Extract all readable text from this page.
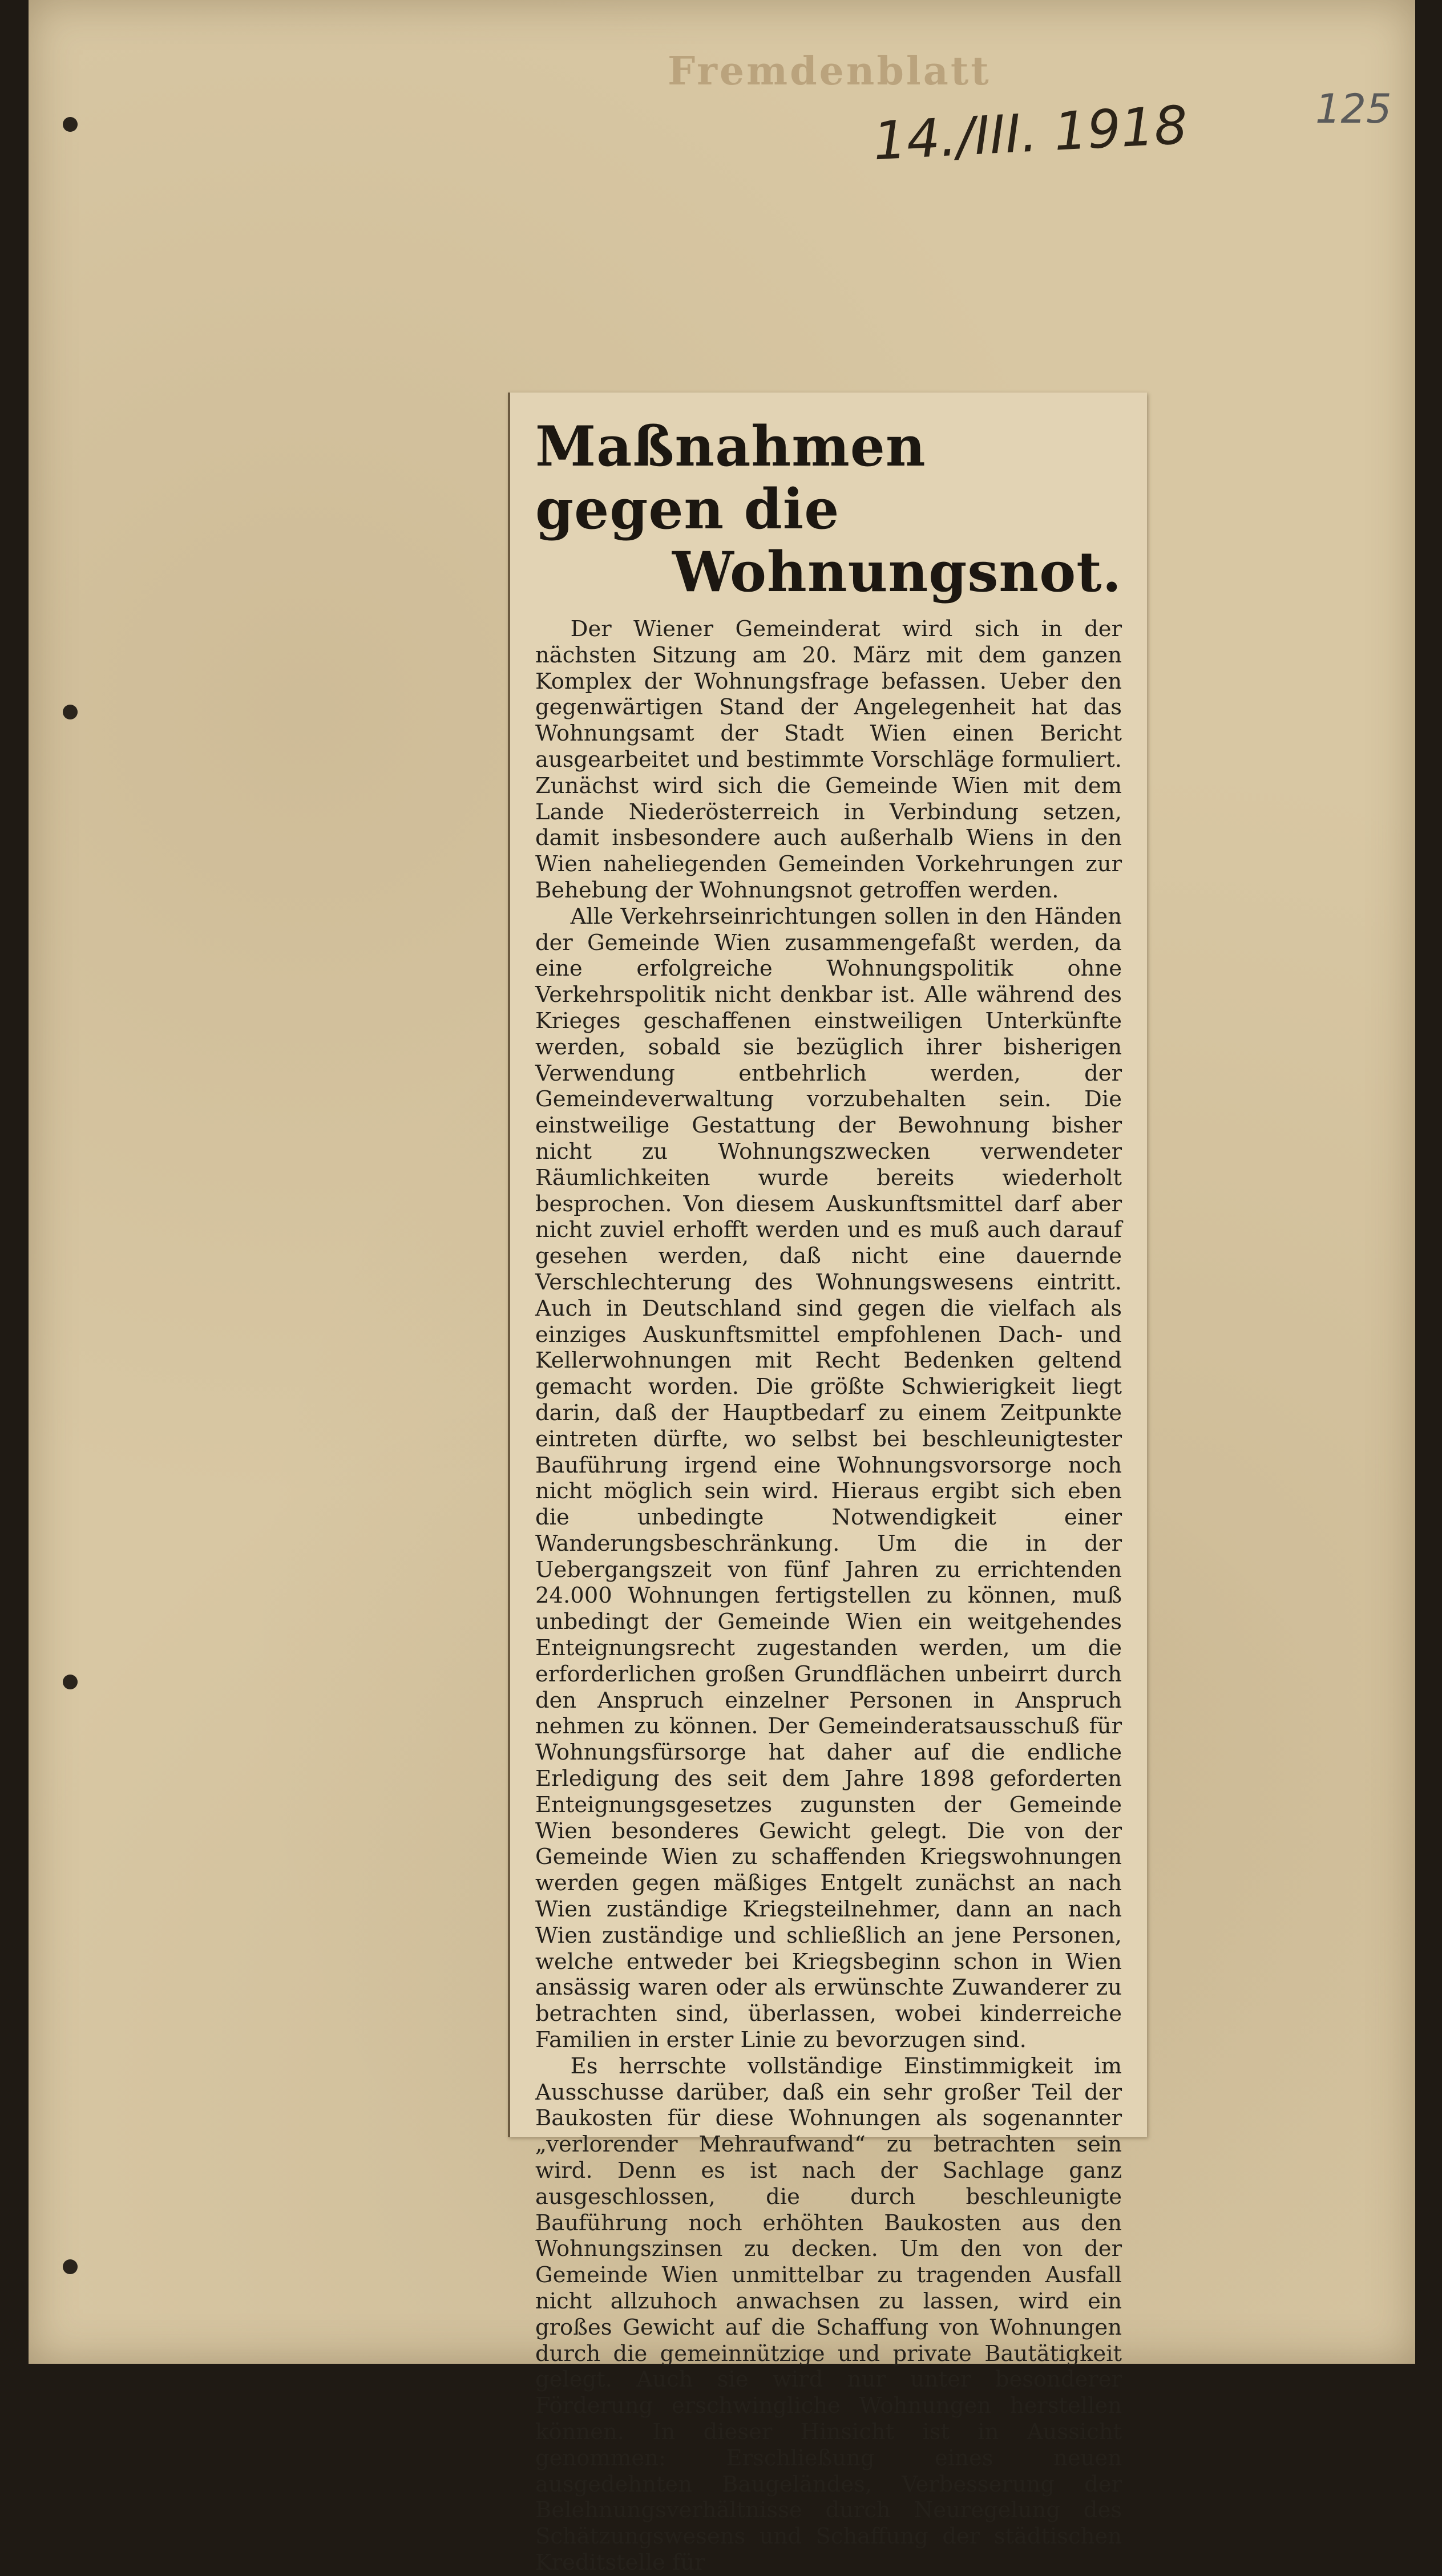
Fremdenblatt
14./III. 1918	125
Maßnahmen gegen die
Wohnungsnot.

Der Wiener Gemeinderat wird sich in der nächsten Sitzung am 20. März mit dem ganzen Komplex der Wohnungsfrage befassen. Ueber den gegenwärtigen Stand der Angelegenheit hat das Wohnungsamt der Stadt Wien einen Bericht ausgearbeitet und bestimmte Vorschläge formuliert. Zunächst wird sich die Gemeinde Wien mit dem Lande Niederösterreich in Verbindung setzen, damit insbesondere auch außerhalb Wiens in den Wien naheliegenden Gemeinden Vorkehrungen zur Behebung der Wohnungsnot getroffen werden.

Alle Verkehrseinrichtungen sollen in den Händen der Gemeinde Wien zusammengefaßt werden, da eine erfolgreiche Wohnungspolitik ohne Verkehrspolitik nicht denkbar ist. Alle während des Krieges geschaffenen einstweiligen Unterkünfte werden, sobald sie bezüglich ihrer bisherigen Verwendung entbehrlich werden, der Gemeindeverwaltung vorzubehalten sein. Die einstweilige Gestattung der Bewohnung bisher nicht zu Wohnungszwecken verwendeter Räumlichkeiten wurde bereits wiederholt besprochen. Von diesem Auskunftsmittel darf aber nicht zuviel erhofft werden und es muß auch darauf gesehen werden, daß nicht eine dauernde Verschlechterung des Wohnungswesens eintritt. Auch in Deutschland sind gegen die vielfach als einziges Auskunftsmittel empfohlenen Dach- und Kellerwohnungen mit Recht Bedenken geltend gemacht worden. Die größte Schwierigkeit liegt darin, daß der Hauptbedarf zu einem Zeitpunkte eintreten dürfte, wo selbst bei beschleunigtester Bauführung irgend eine Wohnungsvorsorge noch nicht möglich sein wird. Hieraus ergibt sich eben die unbedingte Notwendigkeit einer Wanderungsbeschränkung. Um die in der Uebergangszeit von fünf Jahren zu errichtenden 24.000 Wohnungen fertigstellen zu können, muß unbedingt der Gemeinde Wien ein weitgehendes Enteignungsrecht zugestanden werden, um die erforderlichen großen Grundflächen unbeirrt durch den Anspruch einzelner Personen in Anspruch nehmen zu können. Der Gemeinderatsausschuß für Wohnungsfürsorge hat daher auf die endliche Erledigung des seit dem Jahre 1898 geforderten Enteignungsgesetzes zugunsten der Gemeinde Wien besonderes Gewicht gelegt. Die von der Gemeinde Wien zu schaffenden Kriegswohnungen werden gegen mäßiges Entgelt zunächst an nach Wien zuständige Kriegsteilnehmer, dann an nach Wien zuständige und schließlich an jene Personen, welche entweder bei Kriegsbeginn schon in Wien ansässig waren oder als erwünschte Zuwanderer zu betrachten sind, überlassen, wobei kinderreiche Familien in erster Linie zu bevorzugen sind.

Es herrschte vollständige Einstimmigkeit im Ausschusse darüber, daß ein sehr großer Teil der Baukosten für diese Wohnungen als sogenannter „verlorender Mehraufwand“ zu betrachten sein wird. Denn es ist nach der Sachlage ganz ausgeschlossen, die durch beschleunigte Bauführung noch erhöhten Baukosten aus den Wohnungszinsen zu decken. Um den von der Gemeinde Wien unmittelbar zu tragenden Ausfall nicht allzuhoch anwachsen zu lassen, wird ein großes Gewicht auf die Schaffung von Wohnungen durch die gemeinnützige und private Bautätigkeit gelegt. Auch sie wird nur unter besonderer Förderung erschwingliche Wohnungen herstellen können. In dieser Hinsicht ist in Aussicht genommen: Erschließung eines neuen ausgedehnten Baugeländes, Verbesserung der Belehnungsverhältnisse durch Neuregelung des Schätzungswesens und Schaffung der städtischen Kreditstelle für
